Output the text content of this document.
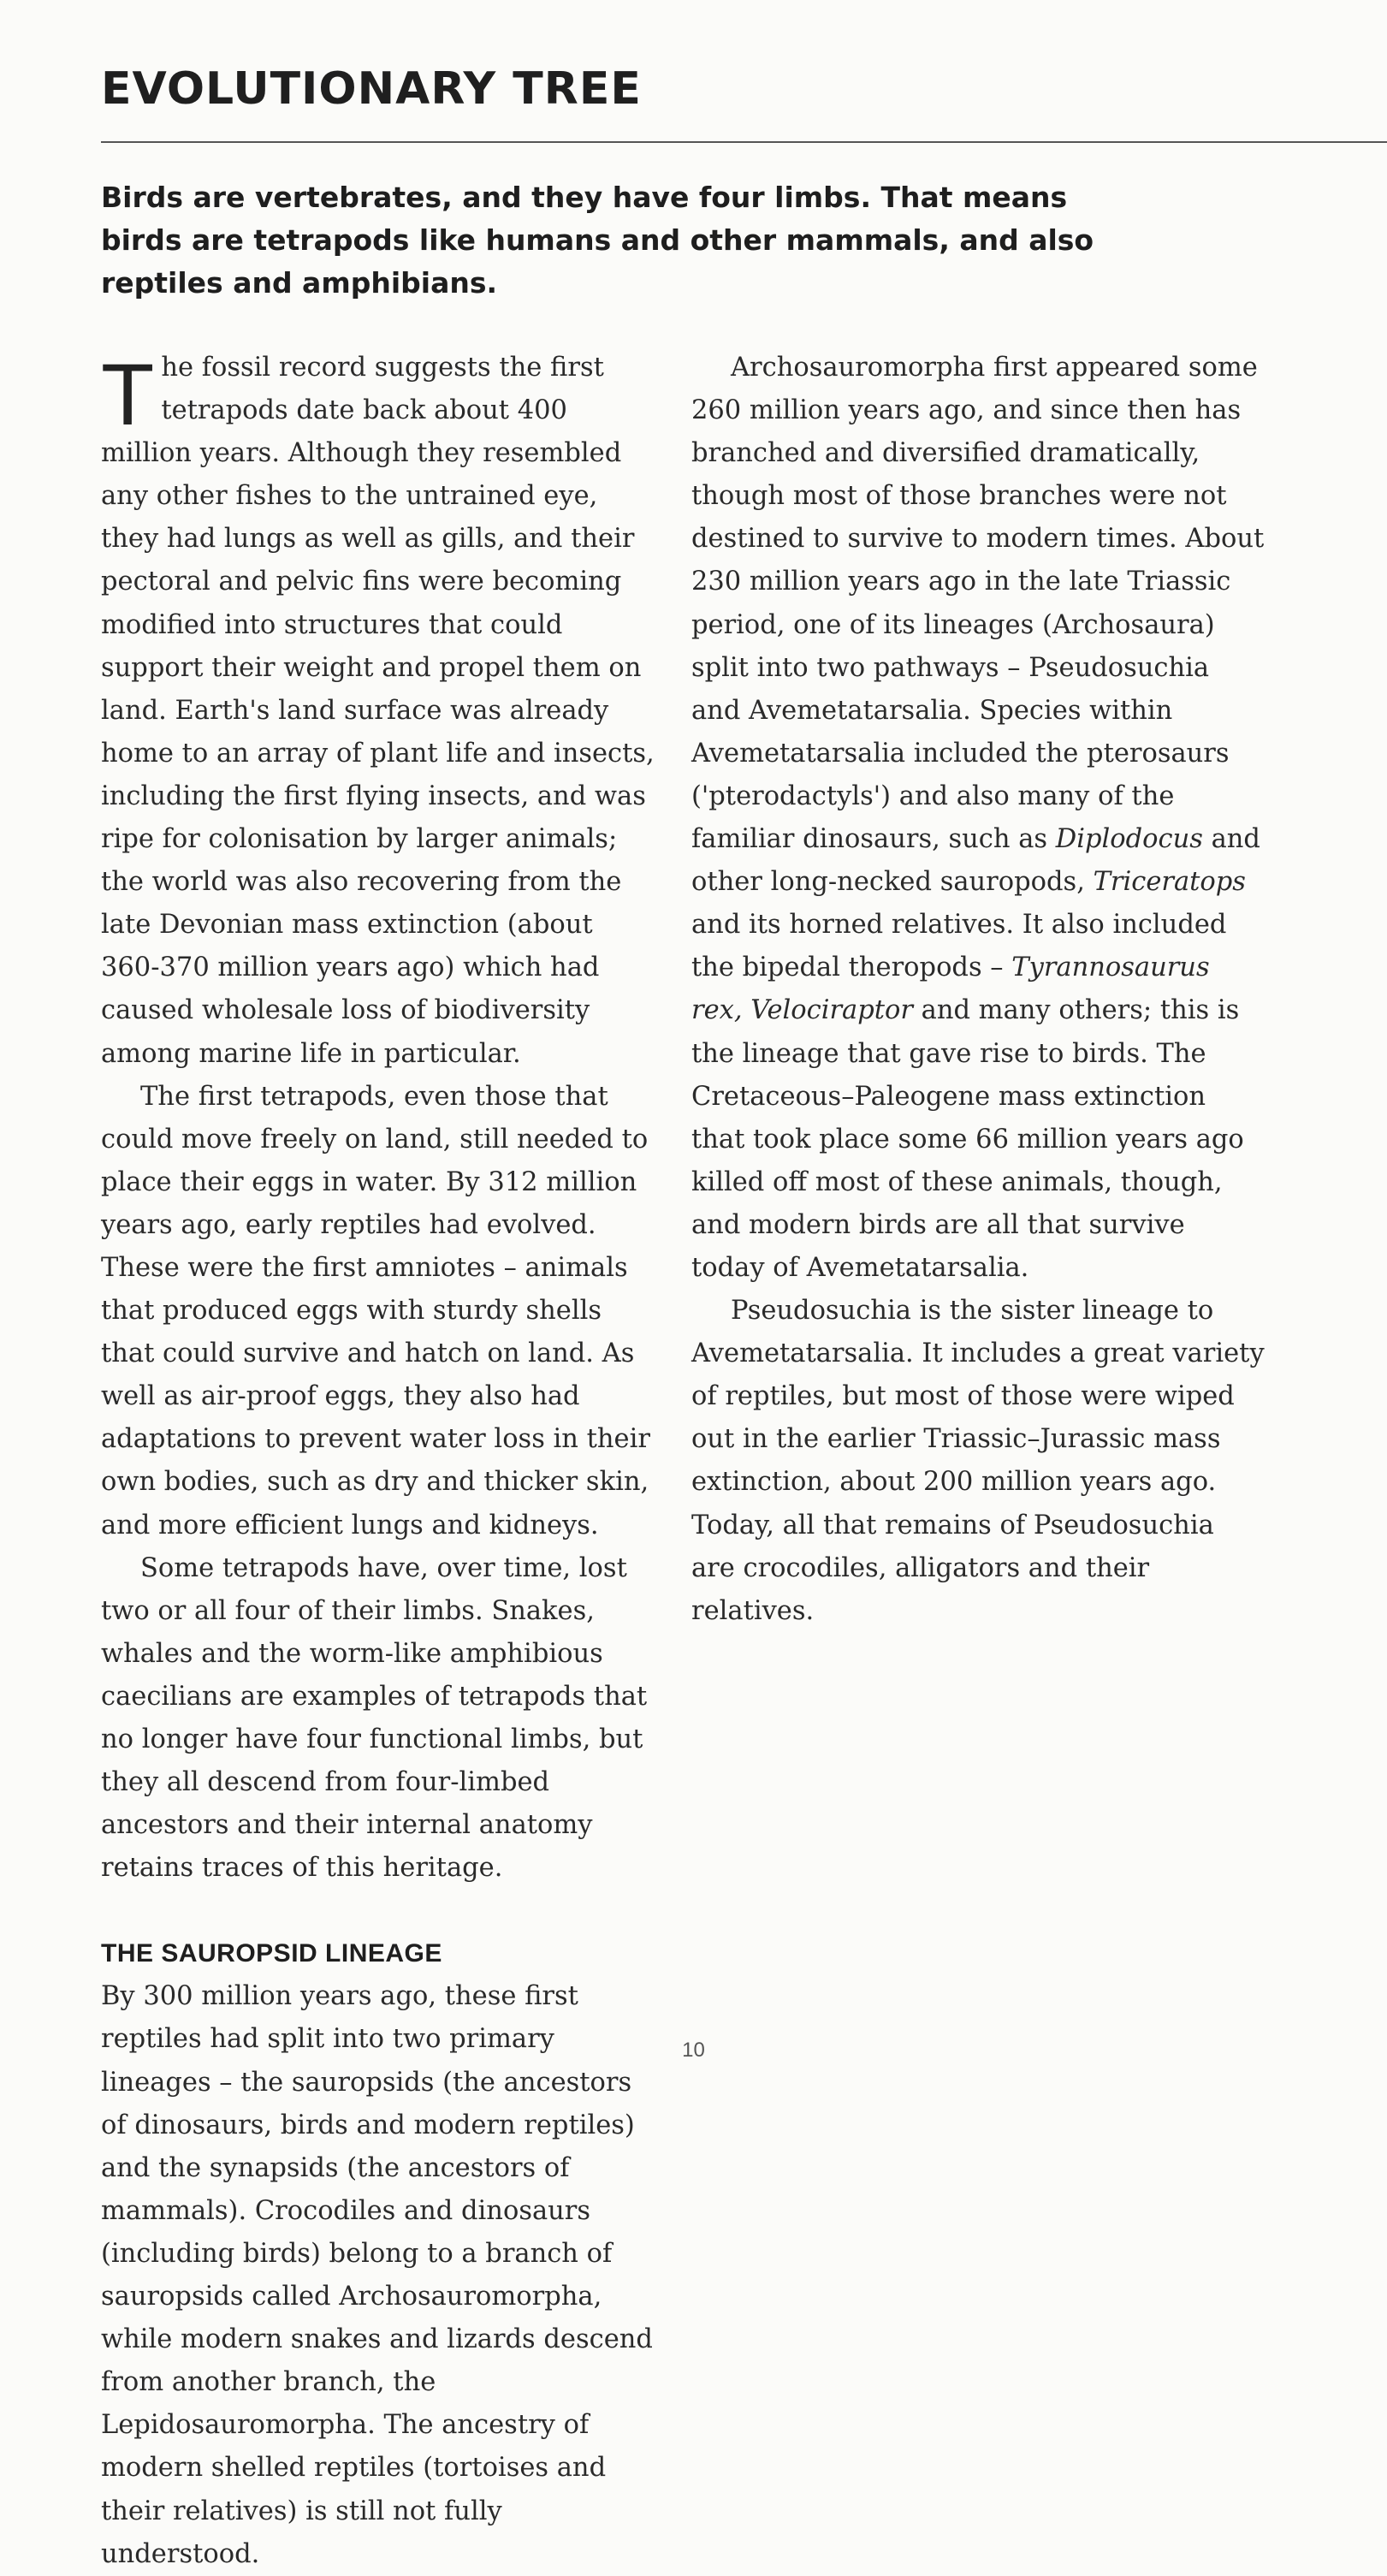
EVOLUTIONARY TREE

Birds are vertebrates, and they have four limbs. That means birds are tetrapods like humans and other mammals, and also reptiles and amphibians.

The fossil record suggests the first tetrapods date back about 400 million years. Although they resembled any other fishes to the untrained eye, they had lungs as well as gills, and their pectoral and pelvic fins were becoming modified into structures that could support their weight and propel them on land. Earth's land surface was already home to an array of plant life and insects, including the first flying insects, and was ripe for colonisation by larger animals; the world was also recovering from the late Devonian mass extinction (about 360-370 million years ago) which had caused wholesale loss of biodiversity among marine life in particular.

The first tetrapods, even those that could move freely on land, still needed to place their eggs in water. By 312 million years ago, early reptiles had evolved. These were the first amniotes – animals that produced eggs with sturdy shells that could survive and hatch on land. As well as air-proof eggs, they also had adaptations to prevent water loss in their own bodies, such as dry and thicker skin, and more efficient lungs and kidneys.

Some tetrapods have, over time, lost two or all four of their limbs. Snakes, whales and the worm-like amphibious caecilians are examples of tetrapods that no longer have four functional limbs, but they all descend from four-limbed ancestors and their internal anatomy retains traces of this heritage.

THE SAUROPSID LINEAGE

By 300 million years ago, these first reptiles had split into two primary lineages – the sauropsids (the ancestors of dinosaurs, birds and modern reptiles) and the synapsids (the ancestors of mammals). Crocodiles and dinosaurs (including birds) belong to a branch of sauropsids called Archosauromorpha, while modern snakes and lizards descend from another branch, the Lepidosauromorpha. The ancestry of modern shelled reptiles (tortoises and their relatives) is still not fully understood.

Archosauromorpha first appeared some 260 million years ago, and since then has branched and diversified dramatically, though most of those branches were not destined to survive to modern times. About 230 million years ago in the late Triassic period, one of its lineages (Archosaura) split into two pathways – Pseudosuchia and Avemetatarsalia. Species within Avemetatarsalia included the pterosaurs ('pterodactyls') and also many of the familiar dinosaurs, such as Diplodocus and other long-necked sauropods, Triceratops and its horned relatives. It also included the bipedal theropods – Tyrannosaurus rex, Velociraptor and many others; this is the lineage that gave rise to birds. The Cretaceous–Paleogene mass extinction that took place some 66 million years ago killed off most of these animals, though, and modern birds are all that survive today of Avemetatarsalia.

Pseudosuchia is the sister lineage to Avemetatarsalia. It includes a great variety of reptiles, but most of those were wiped out in the earlier Triassic–Jurassic mass extinction, about 200 million years ago. Today, all that remains of Pseudosuchia are crocodiles, alligators and their relatives.

10
